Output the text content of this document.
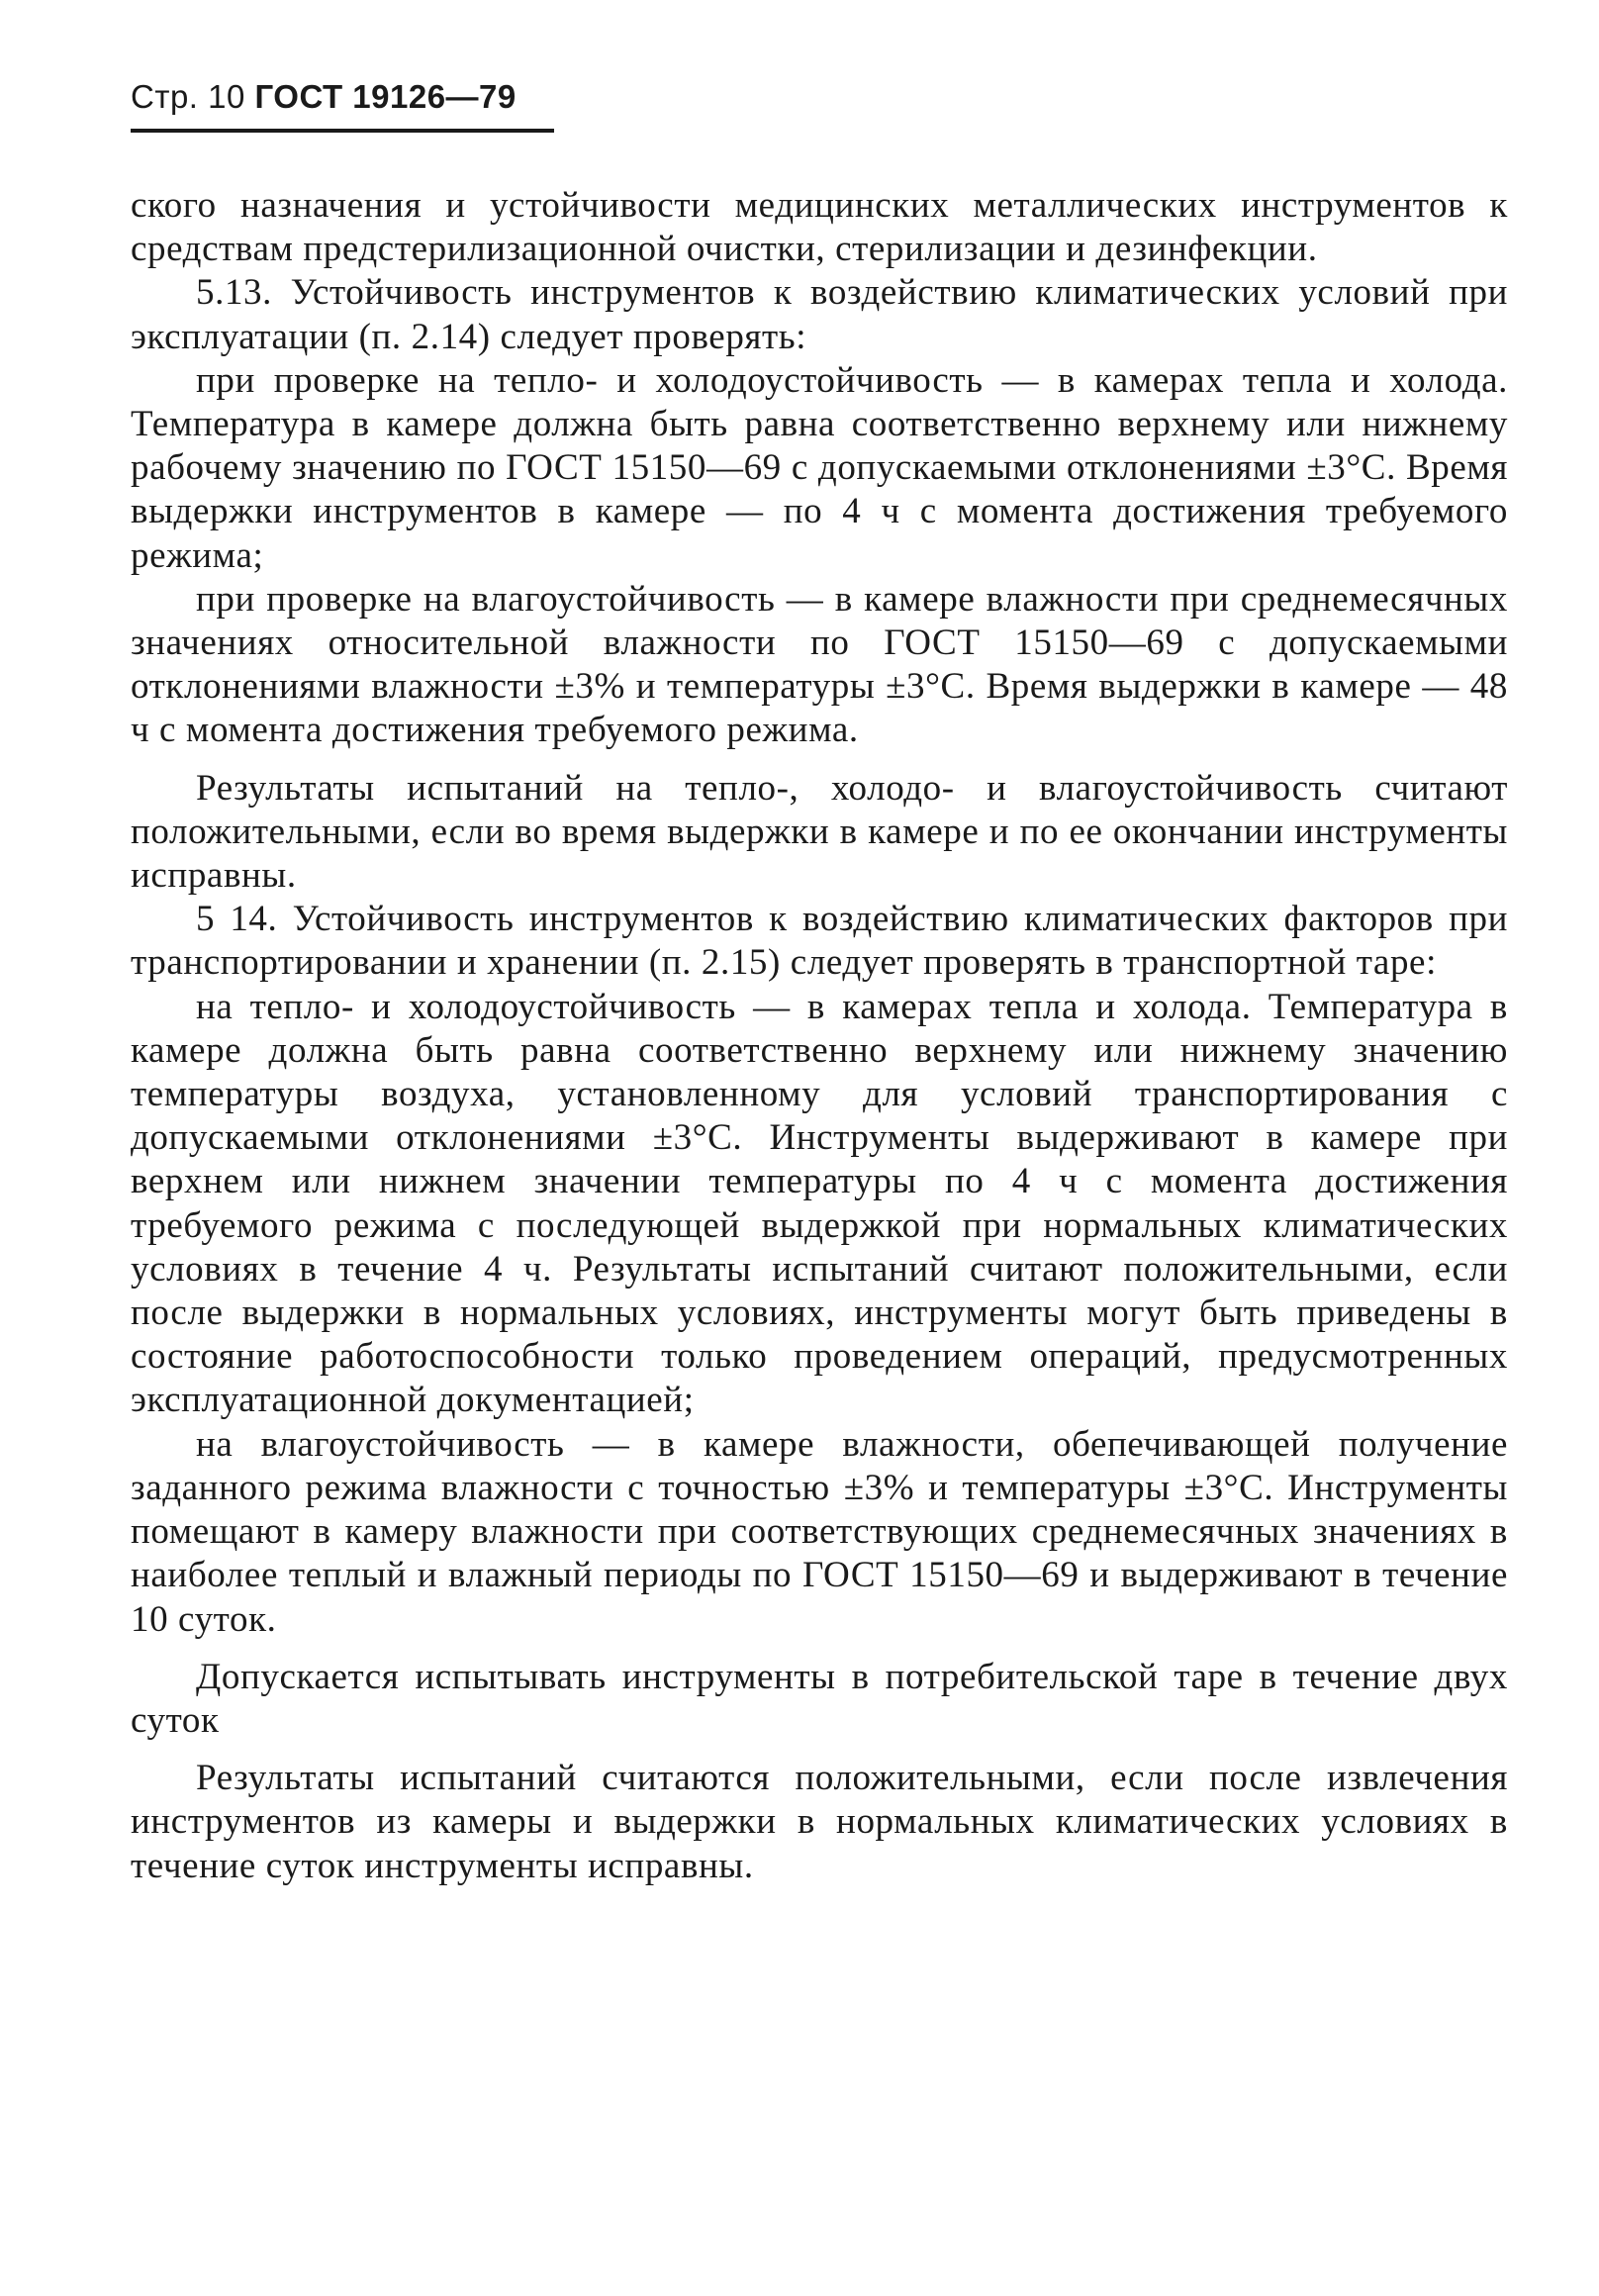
Стр. 10 ГОСТ 19126—79

ского назначения и устойчивости медицинских металлических инструментов к средствам предстерилизационной очистки, стерилизации и дезинфекции.

5.13. Устойчивость инструментов к воздействию климатических условий при эксплуатации (п. 2.14) следует проверять:

при проверке на тепло- и холодоустойчивость — в камерах тепла и холода. Температура в камере должна быть равна соответственно верхнему или нижнему рабочему значению по ГОСТ 15150—69 с допускаемыми отклонениями ±3°С. Время выдержки инструментов в камере — по 4 ч с момента достижения требуемого режима;

при проверке на влагоустойчивость — в камере влажности при среднемесячных значениях относительной влажности по ГОСТ 15150—69 с допускаемыми отклонениями влажности ±3% и температуры ±3°С. Время выдержки в камере — 48 ч с момента достижения требуемого режима.

Результаты испытаний на тепло-, холодо- и влагоустойчивость считают положительными, если во время выдержки в камере и по ее окончании инструменты исправны.

5 14. Устойчивость инструментов к воздействию климатических факторов при транспортировании и хранении (п. 2.15) следует проверять в транспортной таре:

на тепло- и холодоустойчивость — в камерах тепла и холода. Температура в камере должна быть равна соответственно верхнему или нижнему значению температуры воздуха, установленному для условий транспортирования с допускаемыми отклонениями ±3°С. Инструменты выдерживают в камере при верхнем или нижнем значении температуры по 4 ч с момента достижения требуемого режима с последующей выдержкой при нормальных климатических условиях в течение 4 ч. Результаты испытаний считают положительными, если после выдержки в нормальных условиях, инструменты могут быть приведены в состояние работоспособности только проведением операций, предусмотренных эксплуатационной документацией;

на влагоустойчивость — в камере влажности, обепечивающей получение заданного режима влажности с точностью ±3% и температуры ±3°С. Инструменты помещают в камеру влажности при соответствующих среднемесячных значениях в наиболее теплый и влажный периоды по ГОСТ 15150—69 и выдерживают в течение 10 суток.

Допускается испытывать инструменты в потребительской таре в течение двух суток

Результаты испытаний считаются положительными, если после извлечения инструментов из камеры и выдержки в нормальных климатических условиях в течение суток инструменты исправны.
